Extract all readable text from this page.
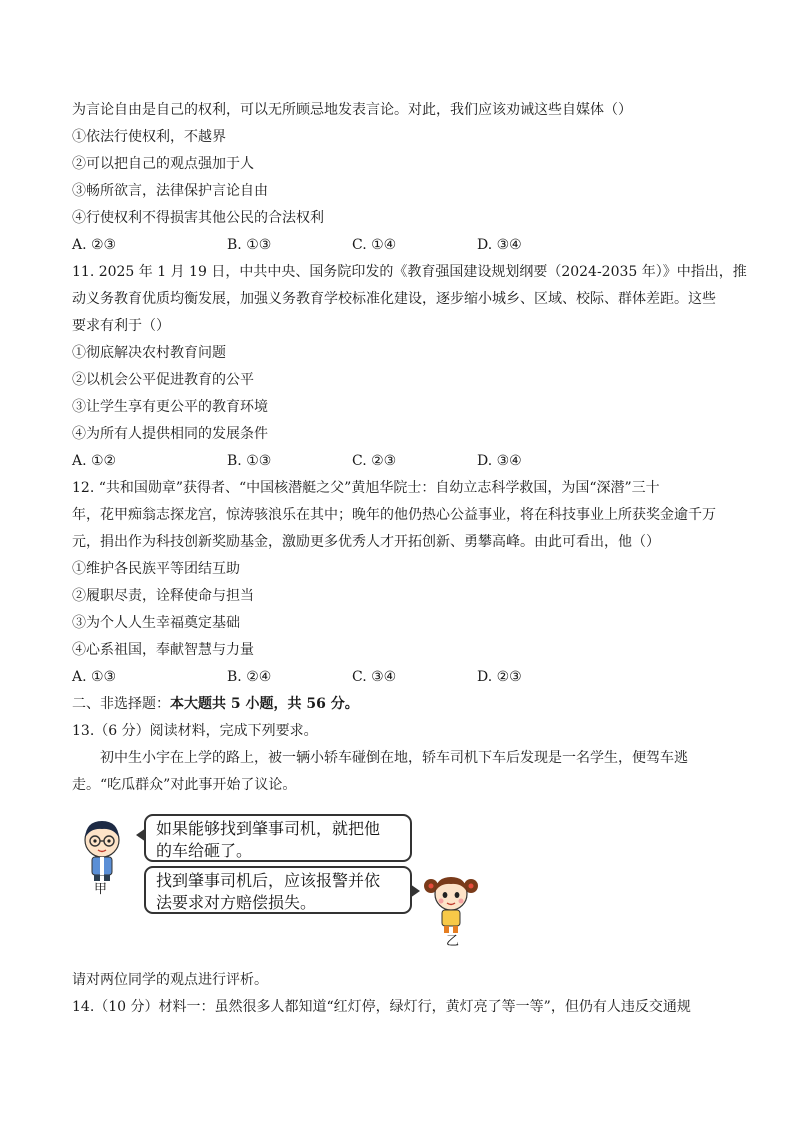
为言论自由是自己的权利，可以无所顾忌地发表言论。对此，我们应该劝诫这些自媒体（）
①依法行使权利，不越界
②可以把自己的观点强加于人
③畅所欲言，法律保护言论自由
④行使权利不得损害其他公民的合法权利
A. ②③	B. ①③	C. ①④	D. ③④
11. 2025 年 1 月 19 日，中共中央、国务院印发的《教育强国建设规划纲要（2024-2035 年）》中指出，推
动义务教育优质均衡发展，加强义务教育学校标准化建设，逐步缩小城乡、区域、校际、群体差距。这些
要求有利于（）
①彻底解决农村教育问题
②以机会公平促进教育的公平
③让学生享有更公平的教育环境
④为所有人提供相同的发展条件
A. ①②	B. ①③	C. ②③	D. ③④
12. “共和国勋章”获得者、“中国核潜艇之父”黄旭华院士：自幼立志科学救国，为国“深潜”三十
年，花甲痴翁志探龙宫，惊涛骇浪乐在其中；晚年的他仍热心公益事业，将在科技事业上所获奖金逾千万
元，捐出作为科技创新奖励基金，激励更多优秀人才开拓创新、勇攀高峰。由此可看出，他（）
①维护各民族平等团结互助
②履职尽责，诠释使命与担当
③为个人人生幸福奠定基础
④心系祖国，奉献智慧与力量
A. ①③	B. ②④	C. ③④	D. ②③
二、非选择题：本大题共 5 小题，共 56 分。
13.（6 分）阅读材料，完成下列要求。
初中生小宇在上学的路上，被一辆小轿车碰倒在地，轿车司机下车后发现是一名学生，便驾车逃
走。“吃瓜群众”对此事开始了议论。
甲
如果能够找到肇事司机，就把他
的车给砸了。
找到肇事司机后，应该报警并依
法要求对方赔偿损失。
乙
请对两位同学的观点进行评析。
14.（10 分）材料一：虽然很多人都知道“红灯停，绿灯行，黄灯亮了等一等”，但仍有人违反交通规
